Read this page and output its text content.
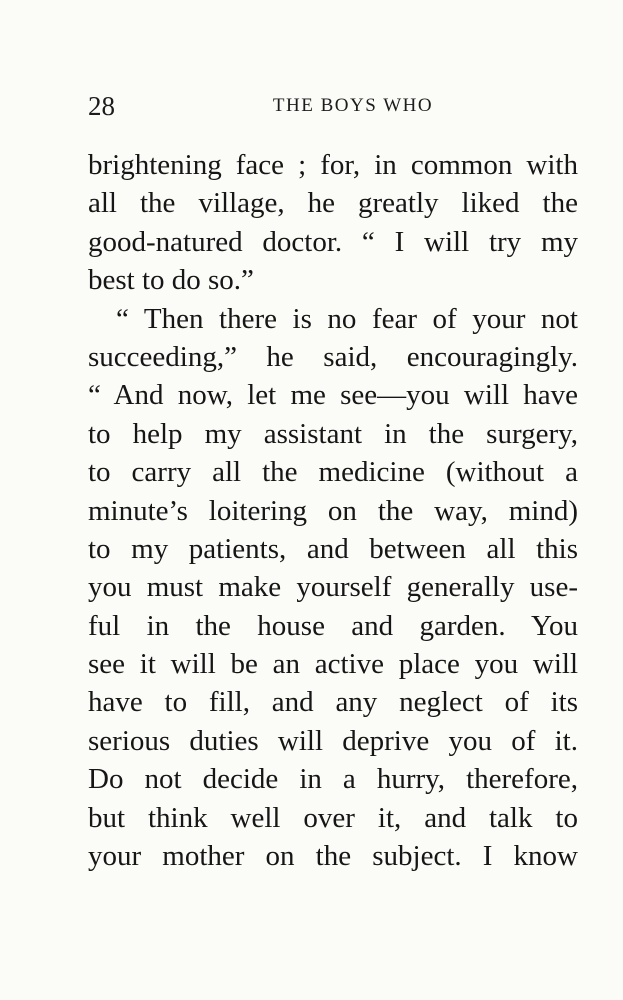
28	THE BOYS WHO
brightening face ; for, in common with
all the village, he greatly liked the
good-natured doctor. “ I will try my
best to do so.”
“ Then there is no fear of your not
succeeding,” he said, encouragingly.
“ And now, let me see—you will have
to help my assistant in the surgery,
to carry all the medicine (without a
minute’s loitering on the way, mind)
to my patients, and between all this
you must make yourself generally use-
ful in the house and garden. You
see it will be an active place you will
have to fill, and any neglect of its
serious duties will deprive you of it.
Do not decide in a hurry, therefore,
but think well over it, and talk to
your mother on the subject. I know
